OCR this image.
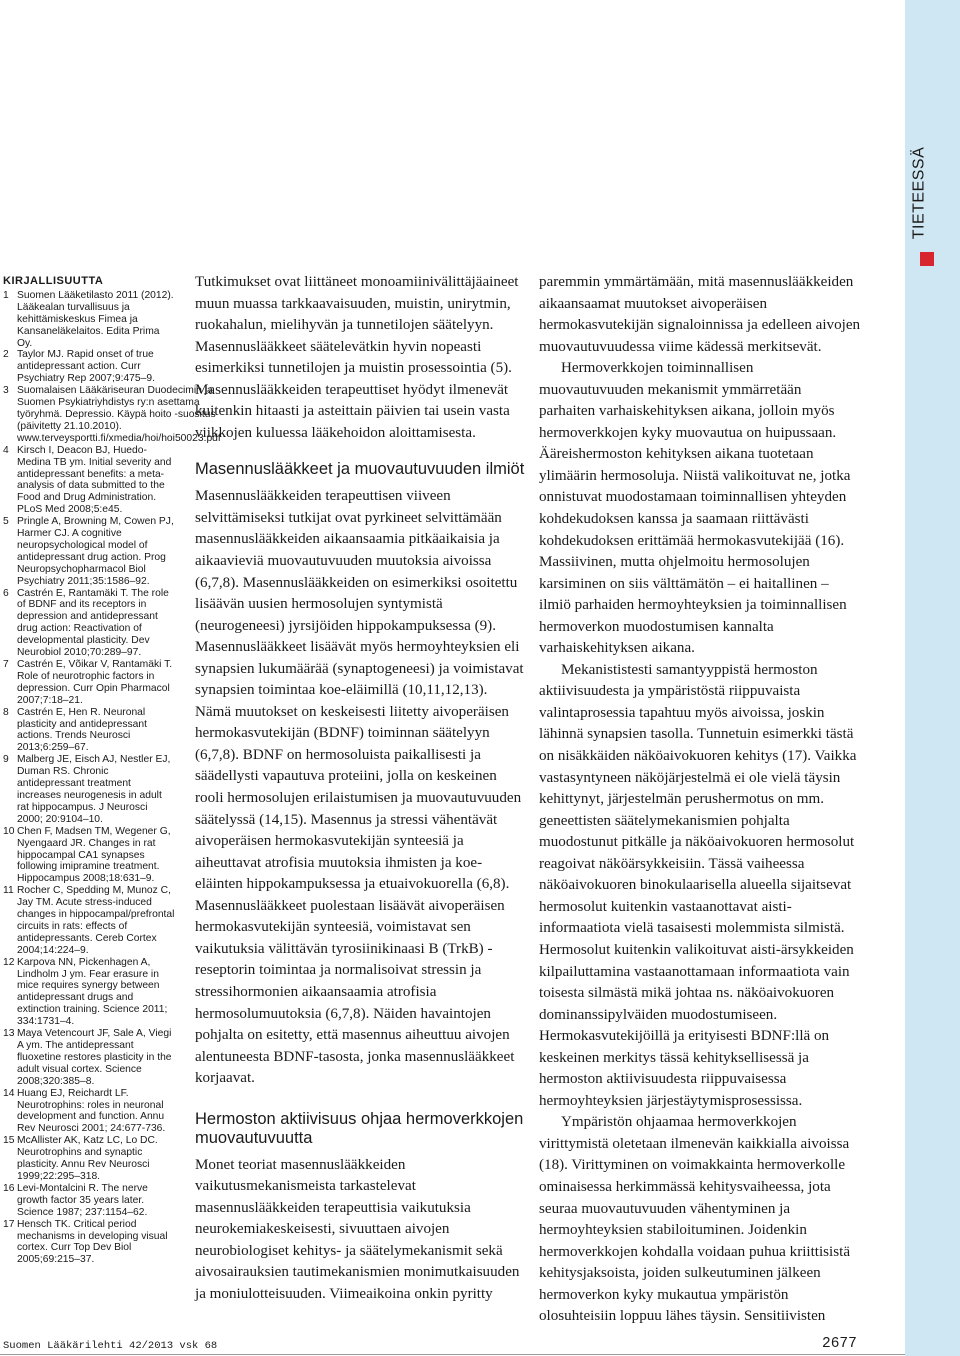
TIETEESSÄ
KIRJALLISUUTTA
1 Suomen Lääketilasto 2011 (2012). Lääkealan turvallisuus ja kehittämiskeskus Fimea ja Kansaneläkelaitos. Edita Prima Oy.
2 Taylor MJ. Rapid onset of true antidepressant action. Curr Psychiatry Rep 2007;9:475–9.
3 Suomalaisen Lääkäriseuran Duodecimin ja Suomen Psykiatriyhdistys ry:n asettama työryhmä. Depressio. Käypä hoito -suositus (päivitetty 21.10.2010). www.terveysportti.fi/xmedia/hoi/hoi50023.pdf
4 Kirsch I, Deacon BJ, Huedo-Medina TB ym. Initial severity and antidepressant benefits: a meta-analysis of data submitted to the Food and Drug Administration. PLoS Med 2008;5:e45.
5 Pringle A, Browning M, Cowen PJ, Harmer CJ. A cognitive neuropsychological model of antidepressant drug action. Prog Neuropsychopharmacol Biol Psychiatry 2011;35:1586–92.
6 Castrén E, Rantamäki T. The role of BDNF and its receptors in depression and antidepressant drug action: Reactivation of developmental plasticity. Dev Neurobiol 2010;70:289–97.
7 Castrén E, Võikar V, Rantamäki T. Role of neurotrophic factors in depression. Curr Opin Pharmacol 2007;7:18–21.
8 Castrén E, Hen R. Neuronal plasticity and antidepressant actions. Trends Neurosci 2013;6:259–67.
9 Malberg JE, Eisch AJ, Nestler EJ, Duman RS. Chronic antidepressant treatment increases neurogenesis in adult rat hippocampus. J Neurosci 2000; 20:9104–10.
10 Chen F, Madsen TM, Wegener G, Nyengaard JR. Changes in rat hippocampal CA1 synapses following imipramine treatment. Hippocampus 2008;18:631–9.
11 Rocher C, Spedding M, Munoz C, Jay TM. Acute stress-induced changes in hippocampal/prefrontal circuits in rats: effects of antidepressants. Cereb Cortex 2004;14:224–9.
12 Karpova NN, Pickenhagen A, Lindholm J ym. Fear erasure in mice requires synergy between antidepressant drugs and extinction training. Science 2011; 334:1731–4.
13 Maya Vetencourt JF, Sale A, Viegi A ym. The antidepressant fluoxetine restores plasticity in the adult visual cortex. Science 2008;320:385–8.
14 Huang EJ, Reichardt LF. Neurotrophins: roles in neuronal development and function. Annu Rev Neurosci 2001; 24:677-736.
15 McAllister AK, Katz LC, Lo DC. Neurotrophins and synaptic plasticity. Annu Rev Neurosci 1999;22:295–318.
16 Levi-Montalcini R. The nerve growth factor 35 years later. Science 1987; 237:1154–62.
17 Hensch TK. Critical period mechanisms in developing visual cortex. Curr Top Dev Biol 2005;69:215–37.

Tutkimukset ovat liittäneet monoamiinivälittäjäaineet muun muassa tarkkaavaisuuden, muistin, unirytmin, ruokahalun, mielihyvän ja tunnetilojen säätelyyn. Masennuslääkkeet säätelevätkin hyvin nopeasti esimerkiksi tunnetilojen ja muistin prosessointia (5). Masennuslääkkeiden terapeuttiset hyödyt ilmenevät kuitenkin hitaasti ja asteittain päivien tai usein vasta viikkojen kuluessa lääkehoidon aloittamisesta.

Masennuslääkkeet ja muovautuvuuden ilmiöt

Masennuslääkkeiden terapeuttisen viiveen selvittämiseksi tutkijat ovat pyrkineet selvittämään masennuslääkkeiden aikaansaamia pitkäaikaisia ja aikaavieviä muovautuvuuden muutoksia aivoissa (6,7,8). Masennuslääkkeiden on esimerkiksi osoitettu lisäävän uusien hermosolujen syntymistä (neurogeneesi) jyrsijöiden hippokampuksessa (9). Masennuslääkkeet lisäävät myös hermoyhteyksien eli synapsien lukumäärää (synaptogeneesi) ja voimistavat synapsien toimintaa koe-eläimillä (10,11,12,13). Nämä muutokset on keskeisesti liitetty aivoperäisen hermokasvutekijän (BDNF) toiminnan säätelyyn (6,7,8). BDNF on hermosoluista paikallisesti ja säädellysti vapautuva proteiini, jolla on keskeinen rooli hermosolujen erilaistumisen ja muovautuvuuden säätelyssä (14,15). Masennus ja stressi vähentävät aivoperäisen hermokasvutekijän synteesiä ja aiheuttavat atrofisia muutoksia ihmisten ja koe-eläinten hippokampuksessa ja etuaivokuorella (6,8). Masennuslääkkeet puolestaan lisäävät aivoperäisen hermokasvutekijän synteesiä, voimistavat sen vaikutuksia välittävän tyrosiinikinaasi B (TrkB) -reseptorin toimintaa ja normalisoivat stressin ja stressihormonien aikaansaamia atrofisia hermosolumuutoksia (6,7,8). Näiden havaintojen pohjalta on esitetty, että masennus aiheuttuu aivojen alentuneesta BDNF-tasosta, jonka masennuslääkkeet korjaavat.

Hermoston aktiivisuus ohjaa hermoverkkojen muovautuvuutta

Monet teoriat masennuslääkkeiden vaikutusmekanismeista tarkastelevat masennuslääkkeiden terapeuttisia vaikutuksia neurokemiakeskeisesti, sivuuttaen aivojen neurobiologiset kehitys- ja säätelymekanismit sekä aivosairauksien tautimekanismien monimutkaisuuden ja moniulotteisuuden. Viimeaikoina onkin pyritty

paremmin ymmärtämään, mitä masennuslääkkeiden aikaansaamat muutokset aivoperäisen hermokasvutekijän signaloinnissa ja edelleen aivojen muovautuvuudessa viime kädessä merkitsevät.

Hermoverkkojen toiminnallisen muovautuvuuden mekanismit ymmärretään parhaiten varhaiskehityksen aikana, jolloin myös hermoverkkojen kyky muovautua on huipussaan. Ääreishermoston kehityksen aikana tuotetaan ylimäärin hermosoluja. Niistä valikoituvat ne, jotka onnistuvat muodostamaan toiminnallisen yhteyden kohdekudoksen kanssa ja saamaan riittävästi kohdekudoksen erittämää hermokasvutekijää (16). Massiivinen, mutta ohjelmoitu hermosolujen karsiminen on siis välttämätön – ei haitallinen – ilmiö parhaiden hermoyhteyksien ja toiminnallisen hermoverkon muodostumisen kannalta varhaiskehityksen aikana.

Mekanististesti samantyyppistä hermoston aktiivisuudesta ja ympäristöstä riippuvaista valintaprosessia tapahtuu myös aivoissa, joskin lähinnä synapsien tasolla. Tunnetuin esimerkki tästä on nisäkkäiden näköaivokuoren kehitys (17). Vaikka vastasyntyneen näköjärjestelmä ei ole vielä täysin kehittynyt, järjestelmän perushermotus on mm. geneettisten säätelymekanismien pohjalta muodostunut pitkälle ja näköaivokuoren hermosolut reagoivat näköärsykkeisiin. Tässä vaiheessa näköaivokuoren binokulaarisella alueella sijaitsevat hermosolut kuitenkin vastaanottavat aisti-informaatiota vielä tasaisesti molemmista silmistä. Hermosolut kuitenkin valikoituvat aisti-ärsykkeiden kilpailuttamina vastaanottamaan informaatiota vain toisesta silmästä mikä johtaa ns. näköaivokuoren dominanssipylväiden muodostumiseen. Hermokasvutekijöillä ja erityisesti BDNF:llä on keskeinen merkitys tässä kehityksellisessä ja hermoston aktiivisuudesta riippuvaisessa hermoyhteyksien järjestäytymisprosessissa.

Ympäristön ohjaamaa hermoverkkojen virittymistä oletetaan ilmenevän kaikkialla aivoissa (18). Virittyminen on voimakkainta hermoverkolle ominaisessa herkimmässä kehitysvaiheessa, jota seuraa muovautuvuuden vähentyminen ja hermoyhteyksien stabiloituminen. Joidenkin hermoverkkojen kohdalla voidaan puhua kriittisistä kehitysjaksoista, joiden sulkeutuminen jälkeen hermoverkon kyky mukautua ympäristön olosuhteisiin loppuu lähes täysin. Sensitiivisten

Suomen Lääkärilehti 42/2013 vsk 68	2677
